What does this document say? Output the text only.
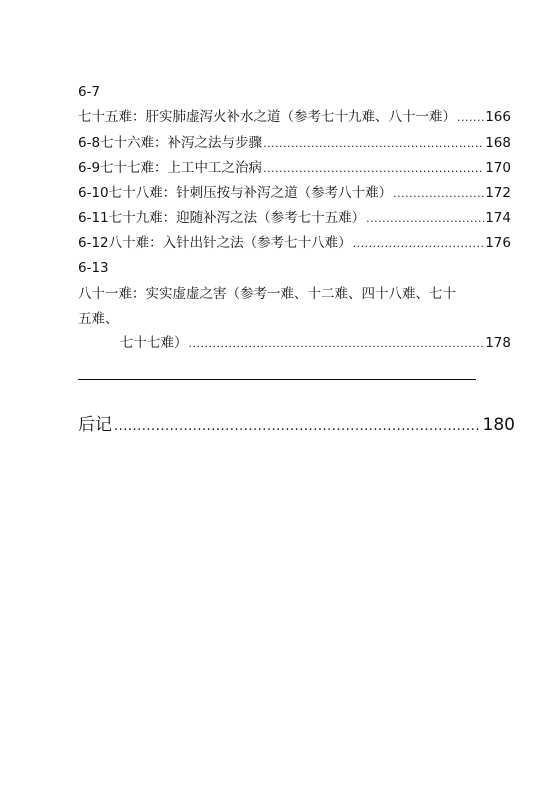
6-7
七十五难：肝实肺虚泻火补水之道（参考七十九难、八十一难） ..... 166
6-8 七十六难：补泻之法与步骤 .....	168
6-9 七十七难：上工中工之治病 .....	170
6-10 七十八难：针刺压按与补泻之道（参考八十难） .....	172
6-11 七十九难：迎随补泻之法（参考七十五难） .....	174
6-12 八十难：入针出针之法（参考七十八难） .....	176
6-13
八十一难：实实虚虚之害（参考一难、十二难、四十八难、七十
五难、
七十七难） .....	178
后记 .....	180
